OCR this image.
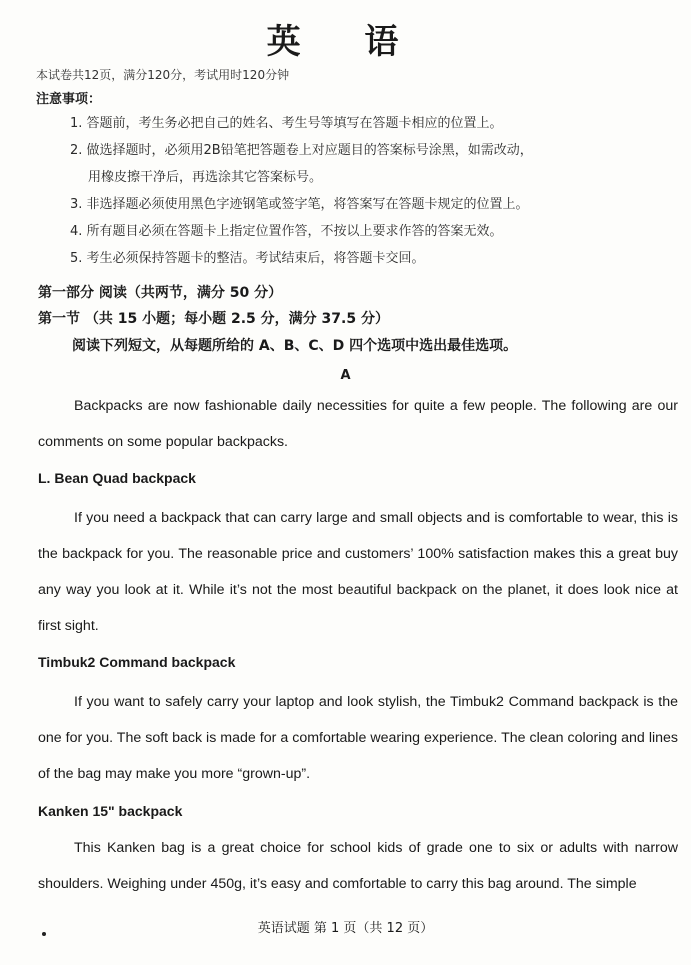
英 语
本试卷共12页，满分120分，考试用时120分钟
注意事项：
1. 答题前，考生务必把自己的姓名、考生号等填写在答题卡相应的位置上。
2. 做选择题时，必须用2B铅笔把答题卷上对应题目的答案标号涂黑，如需改动，
用橡皮擦干净后，再选涂其它答案标号。
3. 非选择题必须使用黑色字迹钢笔或签字笔，将答案写在答题卡规定的位置上。
4. 所有题目必须在答题卡上指定位置作答，不按以上要求作答的答案无效。
5. 考生必须保持答题卡的整洁。考试结束后，将答题卡交回。
第一部分 阅读（共两节，满分 50 分）
第一节 （共 15 小题；每小题 2.5 分，满分 37.5 分）
阅读下列短文，从每题所给的 A、B、C、D 四个选项中选出最佳选项。
A

Backpacks are now fashionable daily necessities for quite a few people. The following are our comments on some popular backpacks.

L. Bean Quad backpack

If you need a backpack that can carry large and small objects and is comfortable to wear, this is the backpack for you. The reasonable price and customers’ 100% satisfaction makes this a great buy any way you look at it. While it’s not the most beautiful backpack on the planet, it does look nice at first sight.

Timbuk2 Command backpack

If you want to safely carry your laptop and look stylish, the Timbuk2 Command backpack is the one for you. The soft back is made for a comfortable wearing experience. The clean coloring and lines of the bag may make you more “grown-up”.

Kanken 15" backpack

This Kanken bag is a great choice for school kids of grade one to six or adults with narrow shoulders. Weighing under 450g, it’s easy and comfortable to carry this bag around. The simple

英语试题 第 1 页（共 12 页）
